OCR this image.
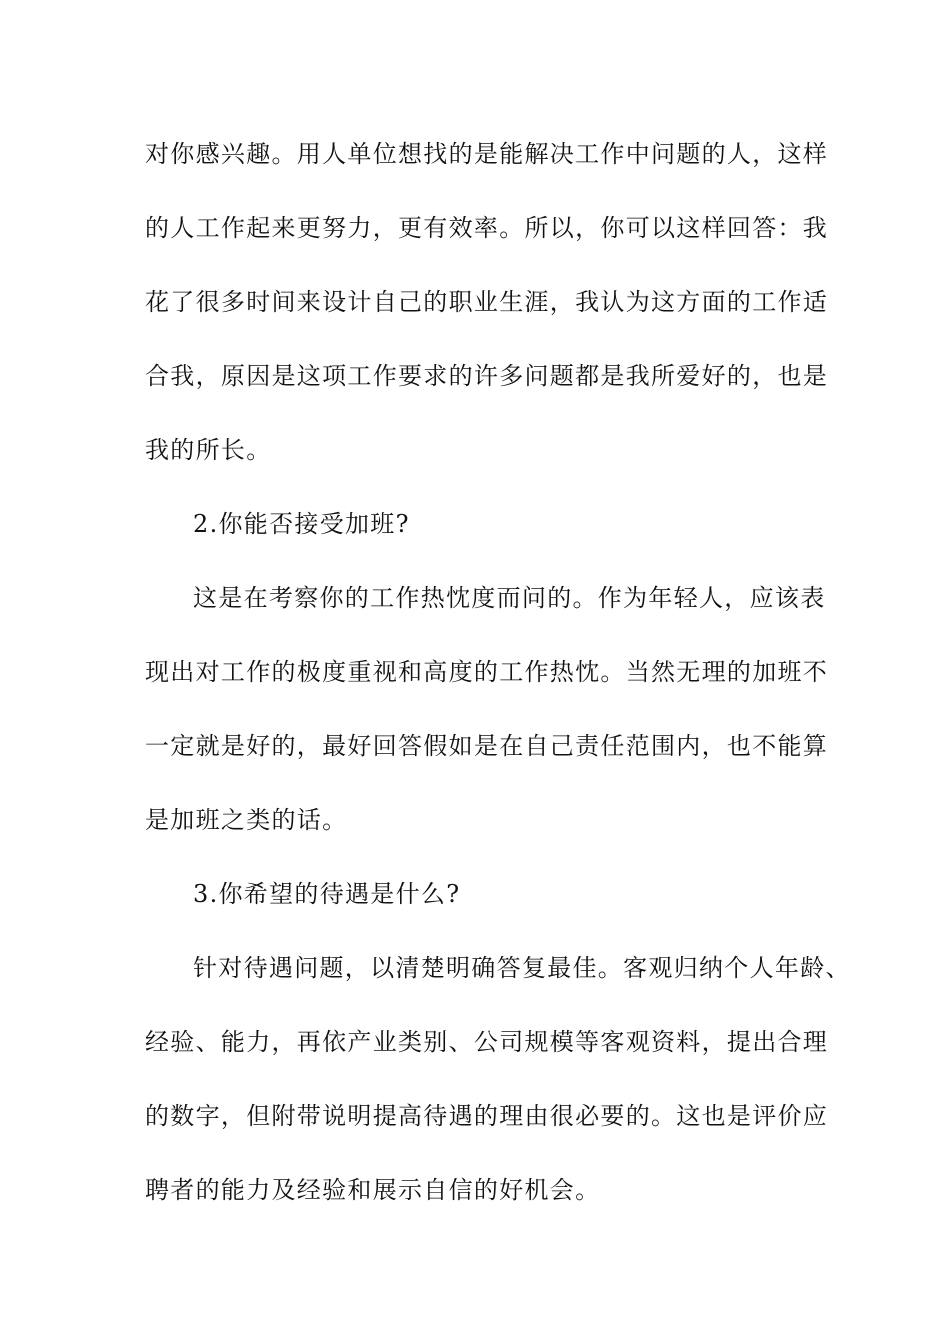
对你感兴趣。用人单位想找的是能解决工作中问题的人，这样
的人工作起来更努力，更有效率。所以，你可以这样回答：我
花了很多时间来设计自己的职业生涯，我认为这方面的工作适
合我，原因是这项工作要求的许多问题都是我所爱好的，也是
我的所长。
2.你能否接受加班?
这是在考察你的工作热忱度而问的。作为年轻人，应该表
现出对工作的极度重视和高度的工作热忱。当然无理的加班不
一定就是好的，最好回答假如是在自己责任范围内，也不能算
是加班之类的话。
3.你希望的待遇是什么?
针对待遇问题，以清楚明确答复最佳。客观归纳个人年龄、
经验、能力，再依产业类别、公司规模等客观资料，提出合理
的数字，但附带说明提高待遇的理由很必要的。这也是评价应
聘者的能力及经验和展示自信的好机会。
